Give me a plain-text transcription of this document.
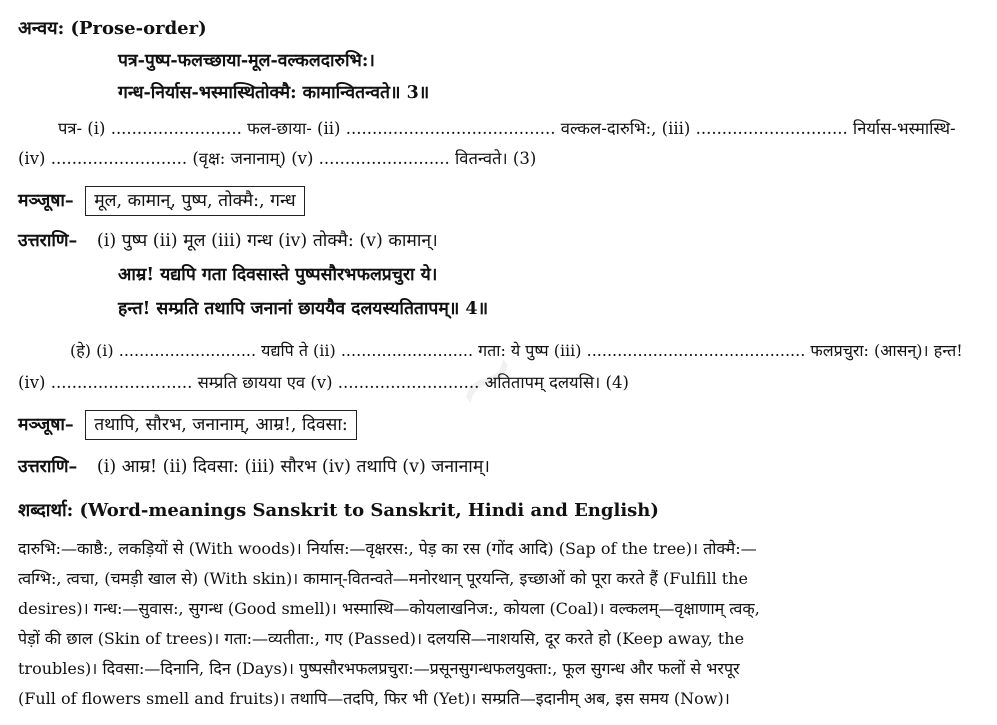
~
अन्वय: (Prose-order)
पत्र-पुष्प-फलच्छाया-मूल-वल्कलदारुभि:।
गन्ध-निर्यास-भस्मास्थितोक्मै: कामान्वितन्वते॥ 3॥
पत्र- (i) ......................... फल-छाया- (ii) ........................................ वल्कल-दारुभि:, (iii) ............................. निर्यास-भस्मास्थि-
(iv) .......................... (वृक्ष: जनानाम्) (v) ......................... वितन्वते। (3)
मञ्जूषा– मूल, कामान्, पुष्प, तोक्मै:, गन्ध
उत्तराणि– (i) पुष्प (ii) मूल (iii) गन्ध (iv) तोक्मै: (v) कामान्।
आम्र! यद्यपि गता दिवसास्ते पुष्पसौरभफलप्रचुरा ये।
हन्त! सम्प्रति तथापि जनानां छाययैव दलयस्यतितापम्॥ 4॥
(हे) (i) ........................... यद्यपि ते (ii) .......................... गता: ये पुष्प (iii) ........................................... फलप्रचुरा: (आसन्)। हन्त!
(iv) ........................... सम्प्रति छायया एव (v) ........................... अतितापम् दलयसि। (4)
मञ्जूषा– तथापि, सौरभ, जनानाम्, आम्र!, दिवसा:
उत्तराणि– (i) आम्र! (ii) दिवसा: (iii) सौरभ (iv) तथापि (v) जनानाम्।
शब्दार्था: (Word-meanings Sanskrit to Sanskrit, Hindi and English)
दारुभि:—काष्ठै:, लकड़ियों से (With woods)। निर्यास:—वृक्षरस:, पेड़ का रस (गोंद आदि) (Sap of the tree)। तोक्मै:—
त्वग्भि:, त्वचा, (चमड़ी खाल से) (With skin)। कामान्-वितन्वते—मनोरथान् पूरयन्ति, इच्छाओं को पूरा करते हैं (Fulfill the
desires)। गन्ध:—सुवास:, सुगन्ध (Good smell)। भस्मास्थि—कोयलाखनिज:, कोयला (Coal)। वल्कलम्—वृक्षाणाम् त्वक्,
पेड़ों की छाल (Skin of trees)। गता:—व्यतीता:, गए (Passed)। दलयसि—नाशयसि, दूर करते हो (Keep away, the
troubles)। दिवसा:—दिनानि, दिन (Days)। पुष्पसौरभफलप्रचुरा:—प्रसूनसुगन्धफलयुक्ता:, फूल सुगन्ध और फलों से भरपूर
(Full of flowers smell and fruits)। तथापि—तदपि, फिर भी (Yet)। सम्प्रति—इदानीम् अब, इस समय (Now)।
